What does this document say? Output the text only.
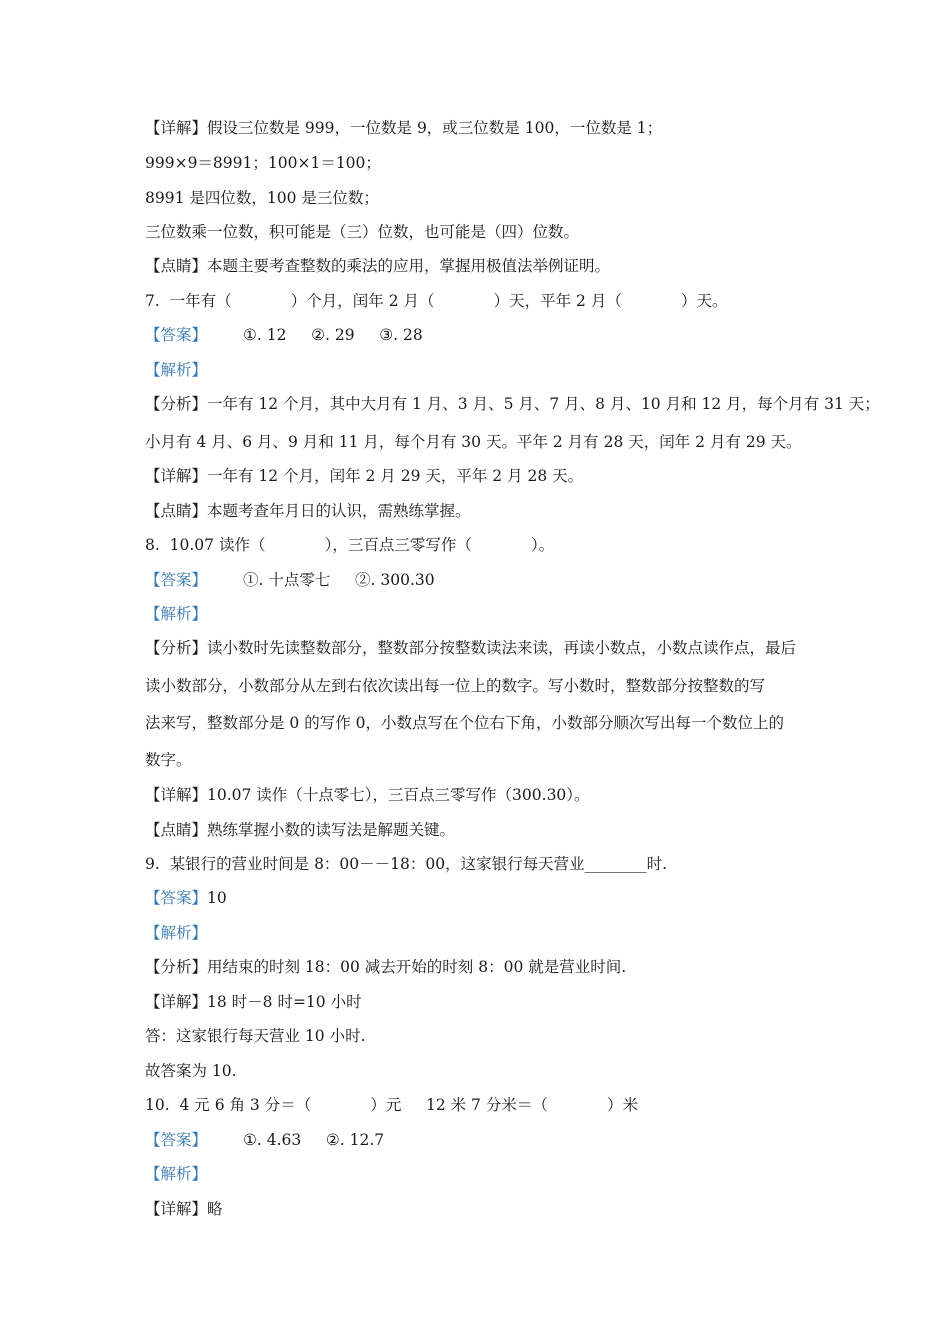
【详解】假设三位数是 999，一位数是 9，或三位数是 100，一位数是 1；
999×9＝8991；100×1＝100；
8991 是四位数，100 是三位数；
三位数乘一位数，积可能是（三）位数，也可能是（四）位数。
【点睛】本题主要考查整数的乘法的应用，掌握用极值法举例证明。
7.  一年有（            ）个月，闰年 2 月（            ）天，平年 2 月（            ）天。
【答案】 ①. 12     ②. 29     ③. 28
【解析】
【分析】一年有 12 个月，其中大月有 1 月、3 月、5 月、7 月、8 月、10 月和 12 月，每个月有 31 天；
小月有 4 月、6 月、9 月和 11 月，每个月有 30 天。平年 2 月有 28 天，闰年 2 月有 29 天。
【详解】一年有 12 个月，闰年 2 月 29 天，平年 2 月 28 天。
【点睛】本题考查年月日的认识，需熟练掌握。
8.  10.07 读作（            ），三百点三零写作（            ）。
【答案】 ①. 十点零七     ②. 300.30
【解析】
【分析】读小数时先读整数部分，整数部分按整数读法来读，再读小数点，小数点读作点，最后
读小数部分，小数部分从左到右依次读出每一位上的数字。写小数时，整数部分按整数的写
法来写，整数部分是 0 的写作 0，小数点写在个位右下角，小数部分顺次写出每一个数位上的
数字。
【详解】10.07 读作（十点零七），三百点三零写作（300.30）。
【点睛】熟练掌握小数的读写法是解题关键。
9.  某银行的营业时间是 8：00－－18：00，这家银行每天营业________时.
【答案】10
【解析】
【分析】用结束的时刻 18：00 减去开始的时刻 8：00 就是营业时间.
【详解】18 时－8 时=10 小时
答：这家银行每天营业 10 小时.
故答案为 10.
10.  4 元 6 角 3 分＝（            ）元     12 米 7 分米＝（            ）米
【答案】 ①. 4.63     ②. 12.7
【解析】
【详解】略
